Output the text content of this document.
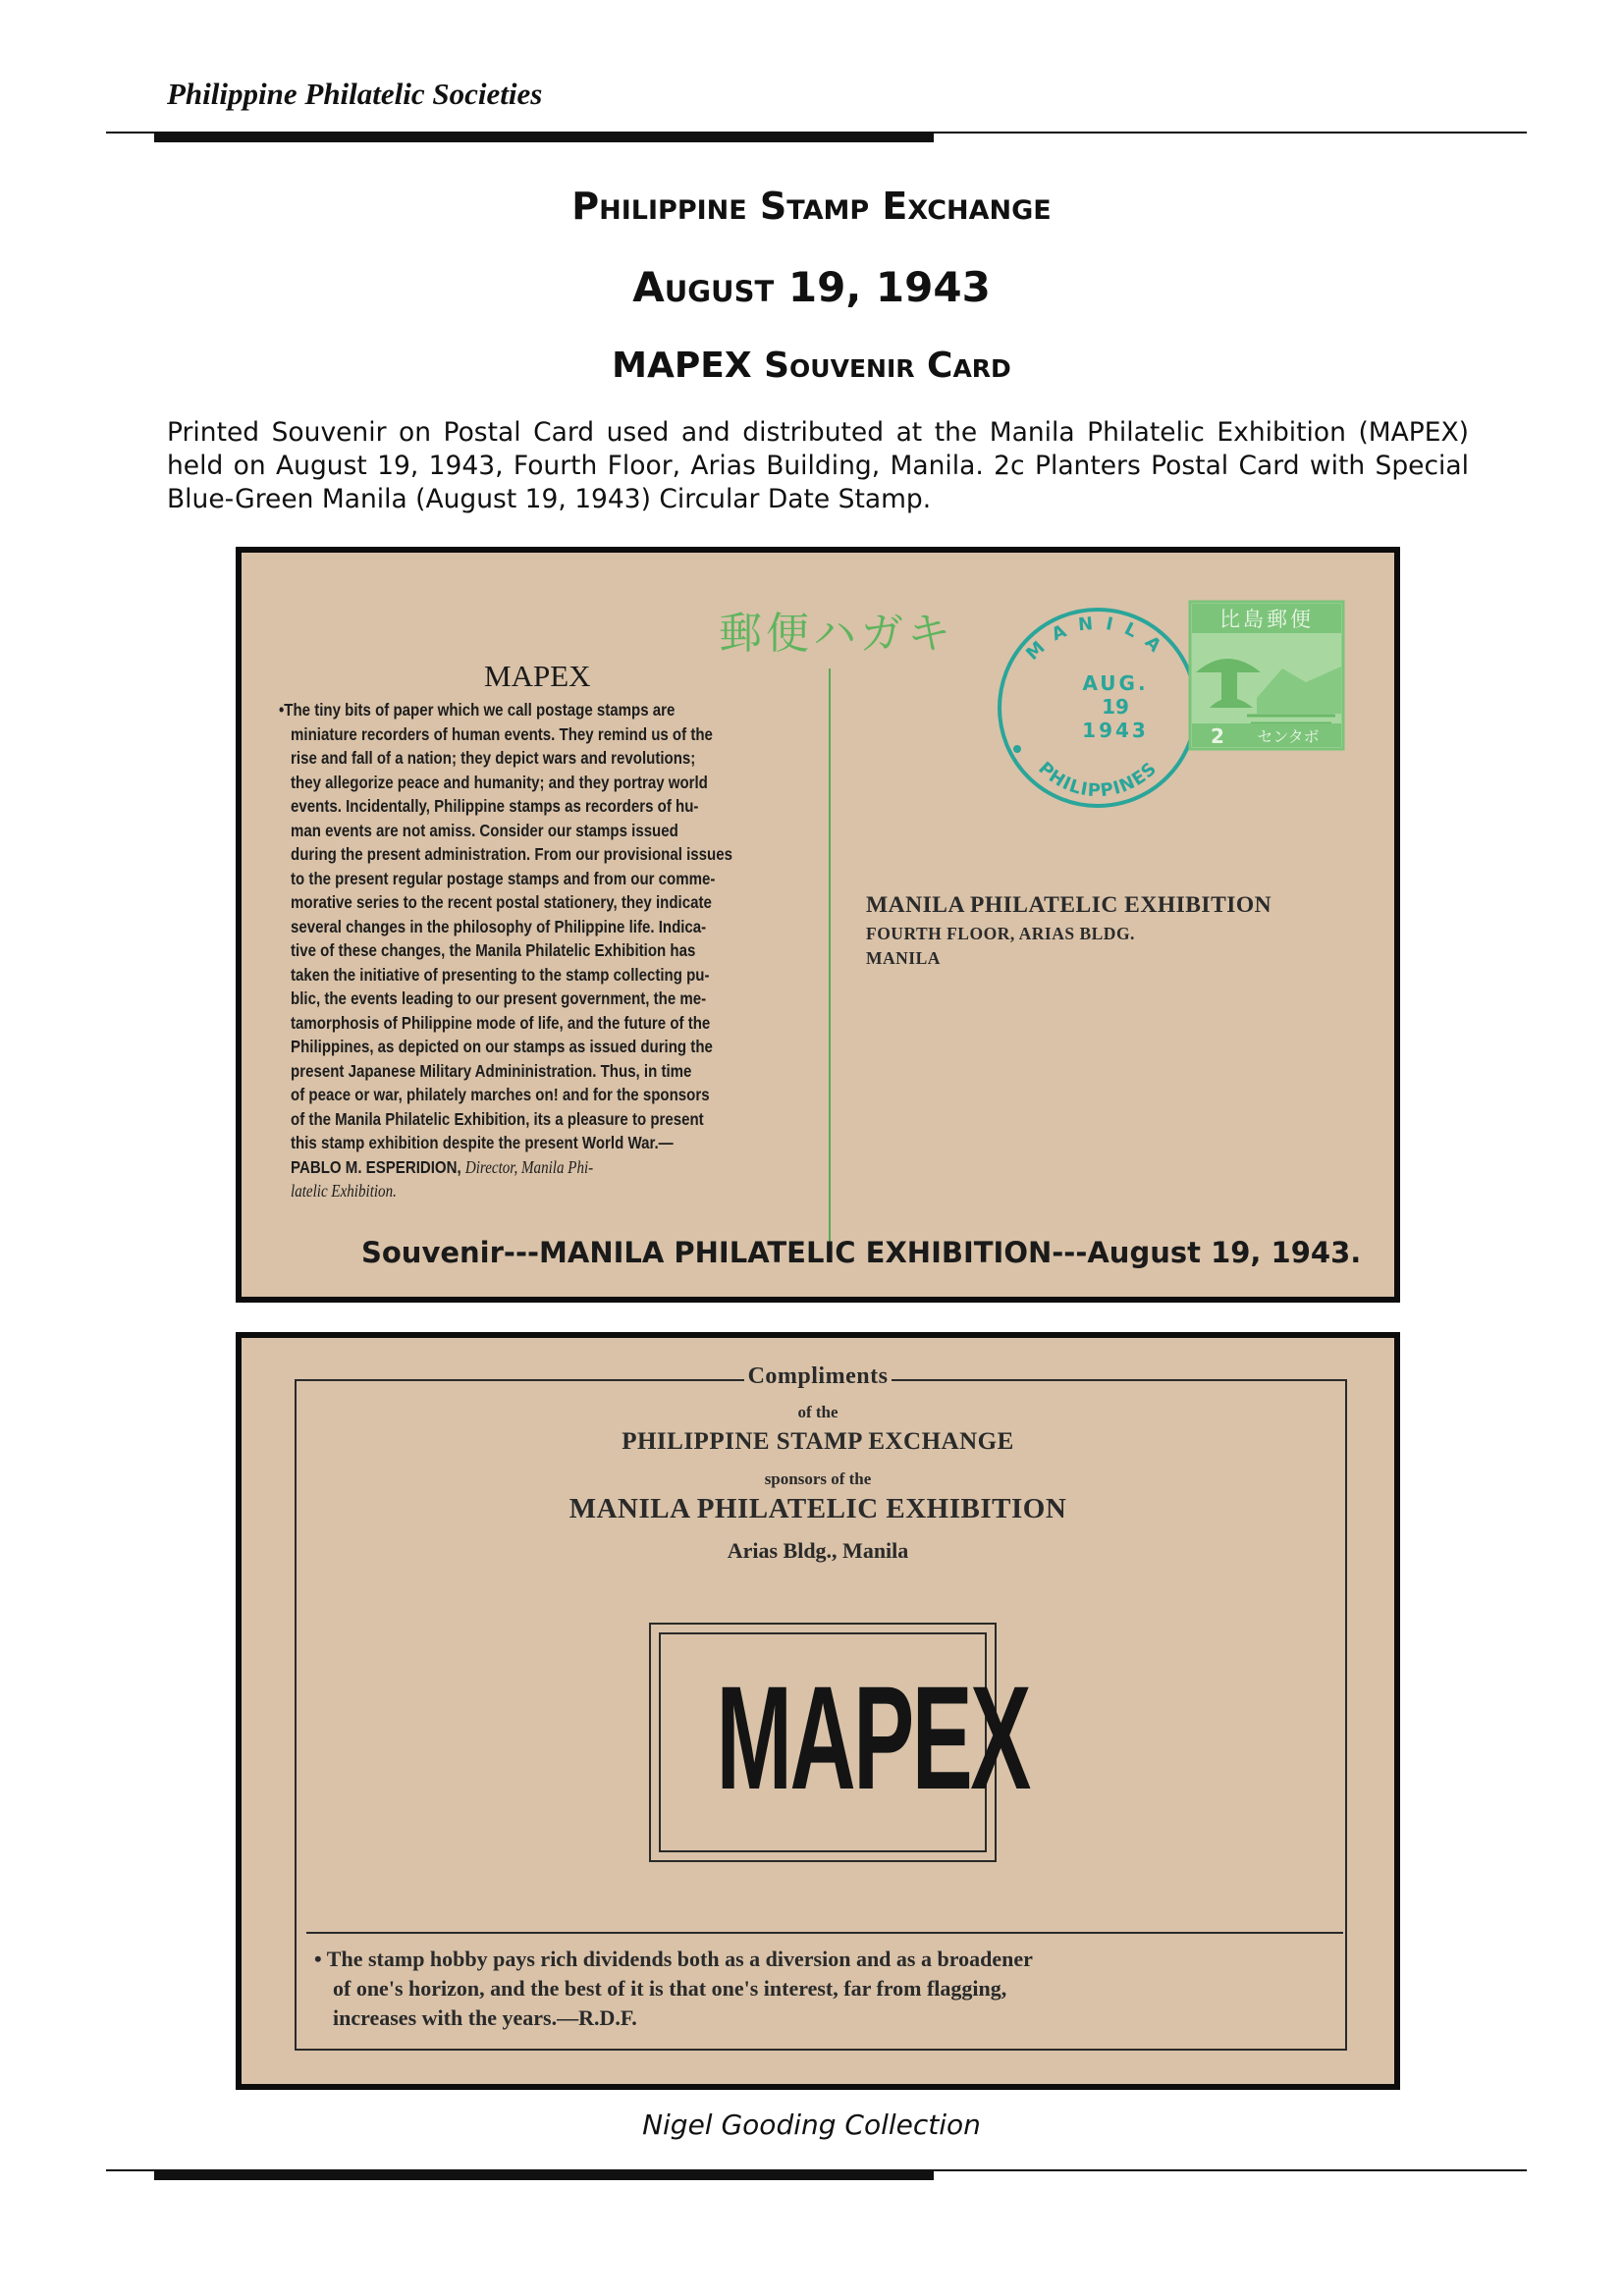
Philippine Philatelic Societies
Philippine Stamp Exchange
August 19, 1943
MAPEX Souvenir Card
Printed Souvenir on Postal Card used and distributed at the Manila Philatelic Exhibition (MAPEX) held on August 19, 1943, Fourth Floor, Arias Building, Manila. 2c Planters Postal Card with Special Blue-Green Manila (August 19, 1943) Circular Date Stamp.
郵便ハガキ
MAPEX
•The tiny bits of paper which we call postage stamps are
miniature recorders of human events. They remind us of the
rise and fall of a nation; they depict wars and revolutions;
they allegorize peace and humanity; and they portray world
events. Incidentally, Philippine stamps as recorders of hu-
man events are not amiss. Consider our stamps issued
during the present administration. From our provisional issues
to the present regular postage stamps and from our comme-
morative series to the recent postal stationery, they indicate
several changes in the philosophy of Philippine life. Indica-
tive of these changes, the Manila Philatelic Exhibition has
taken the initiative of presenting to the stamp collecting pu-
blic, the events leading to our present government, the me-
tamorphosis of Philippine mode of life, and the future of the
Philippines, as depicted on our stamps as issued during the
present Japanese Military Admininistration. Thus, in time
of peace or war, philately marches on! and for the sponsors
of the Manila Philatelic Exhibition, its a pleasure to present
this stamp exhibition despite the present World War.—
PABLO M. ESPERIDION, Director, Manila Phi-
latelic Exhibition.
MANILA
PHILIPPINES
AUG.
19
1943
比島郵便
2 センタボ
MANILA PHILATELIC EXHIBITION
FOURTH FLOOR, ARIAS BLDG.
MANILA
Souvenir---MANILA PHILATELIC EXHIBITION---August 19, 1943.
Compliments
of the
PHILIPPINE STAMP EXCHANGE
sponsors of the
MANILA PHILATELIC EXHIBITION
Arias Bldg., Manila
MAPEX
• The stamp hobby pays rich dividends both as a diversion and as a broadener
of one's horizon, and the best of it is that one's interest, far from flagging,
increases with the years.—R.D.F.
Nigel Gooding Collection
